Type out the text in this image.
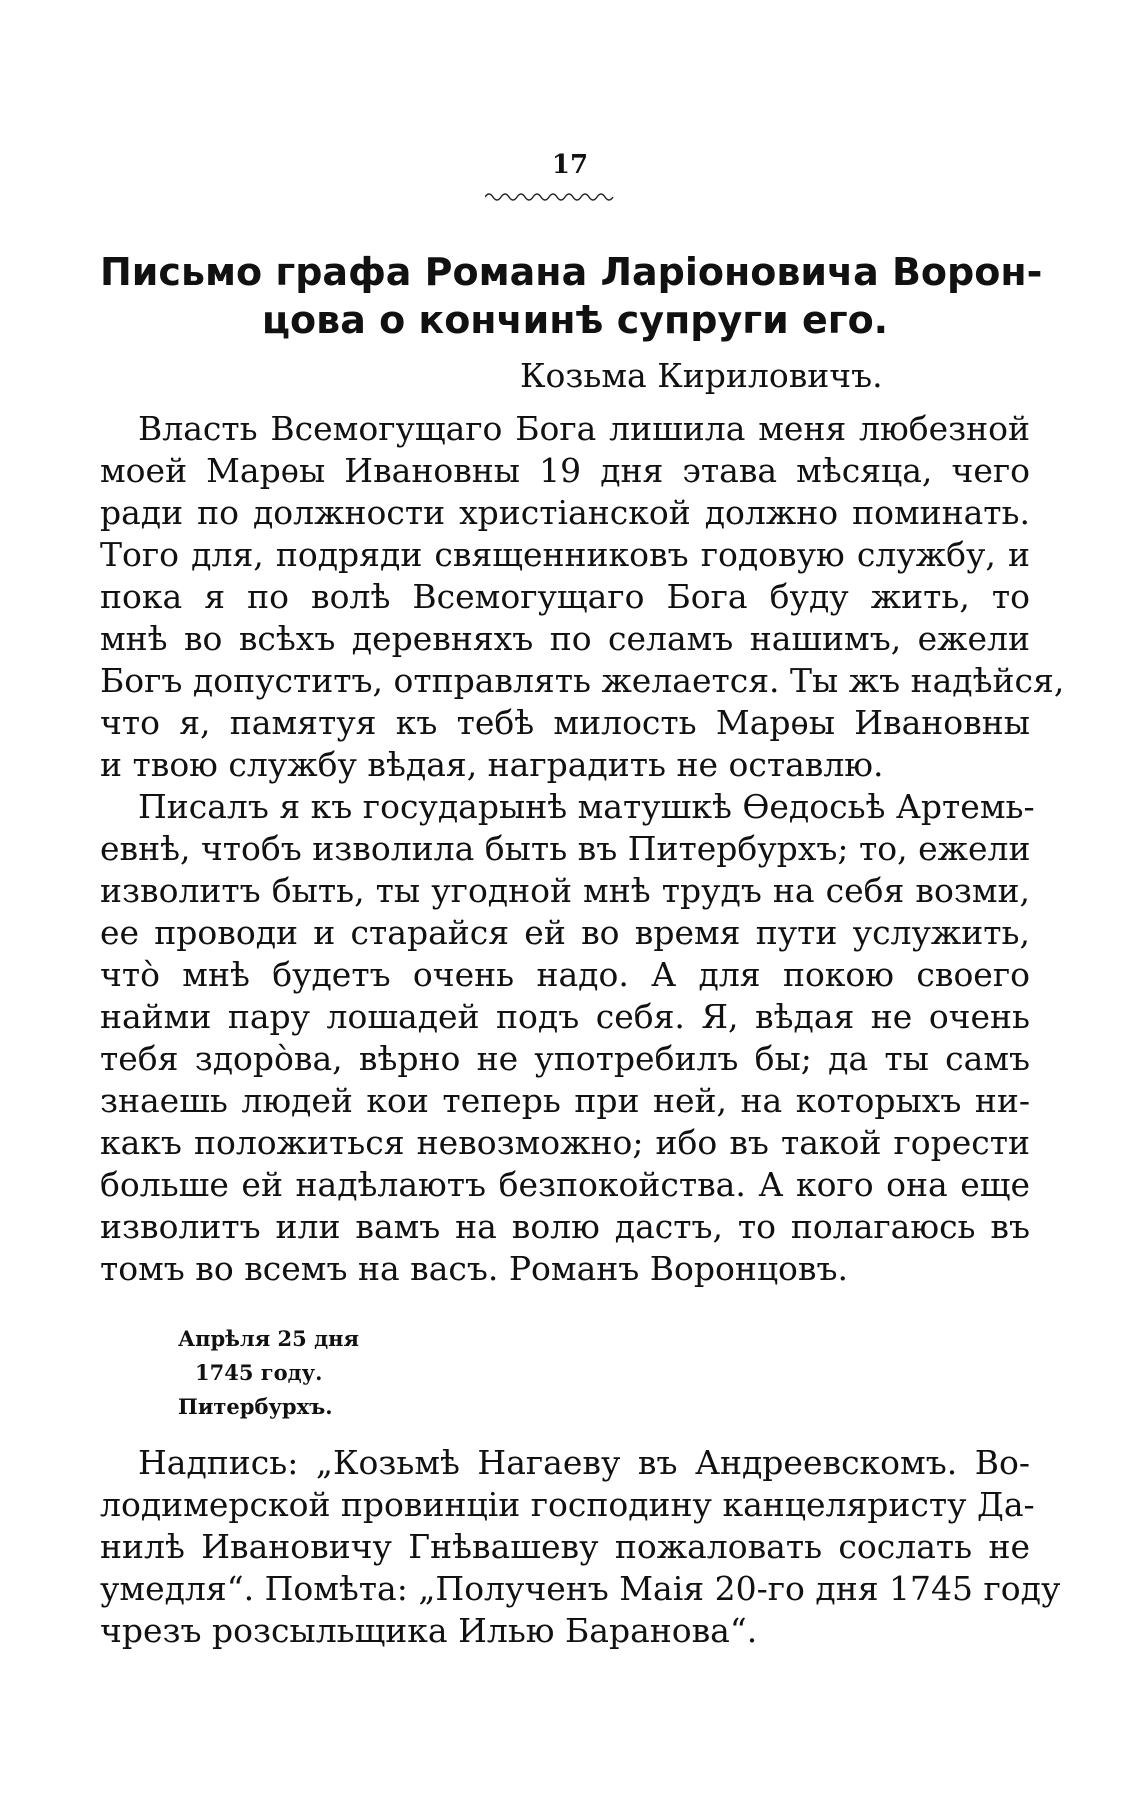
17
Письмо графа Романа Ларіоновича Ворон-
цова о кончинѣ супруги его.
Козьма Кириловичъ.
Власть Всемогущаго Бога лишила меня любезной
моей Марѳы Ивановны 19 дня этава мѣсяца, чего
ради по должности христіанской должно поминать.
Того для, подряди священниковъ годовую службу, и
пока я по волѣ Всемогущаго Бога буду жить, то
мнѣ во всѣхъ деревняхъ по селамъ нашимъ, ежели
Богъ допуститъ, отправлять желается. Ты жъ надѣйся,
что я, памятуя къ тебѣ милость Марѳы Ивановны
и твою службу вѣдая, наградить не оставлю.
Писалъ я къ государынѣ матушкѣ Ѳедосьѣ Артемь-
евнѣ, чтобъ изволила быть въ Питербурхъ; то, ежели
изволитъ быть, ты угодной мнѣ трудъ на себя возми,
ее проводи и старайся ей во время пути услужить,
чтò мнѣ будетъ очень надо. А для покою своего
найми пару лошадей подъ себя. Я, вѣдая не очень
тебя здорòва, вѣрно не употребилъ бы; да ты самъ
знаешь людей кои теперь при ней, на которыхъ ни-
какъ положиться невозможно; ибо въ такой горести
больше ей надѣлаютъ безпокойства. А кого она еще
изволитъ или вамъ на волю дастъ, то полагаюсь въ
томъ во всемъ на васъ. Романъ Воронцовъ.
Апрѣля 25 дня
1745 году.
Питербурхъ.
Надпись: „Козьмѣ Нагаеву въ Андреевскомъ. Во-
лодимерской провинціи господину канцеляристу Да-
нилѣ Ивановичу Гнѣвашеву пожаловать сослать не
умедля“. Помѣта: „Полученъ Маія 20-го дня 1745 году
чрезъ розсыльщика Илью Баранова“.
